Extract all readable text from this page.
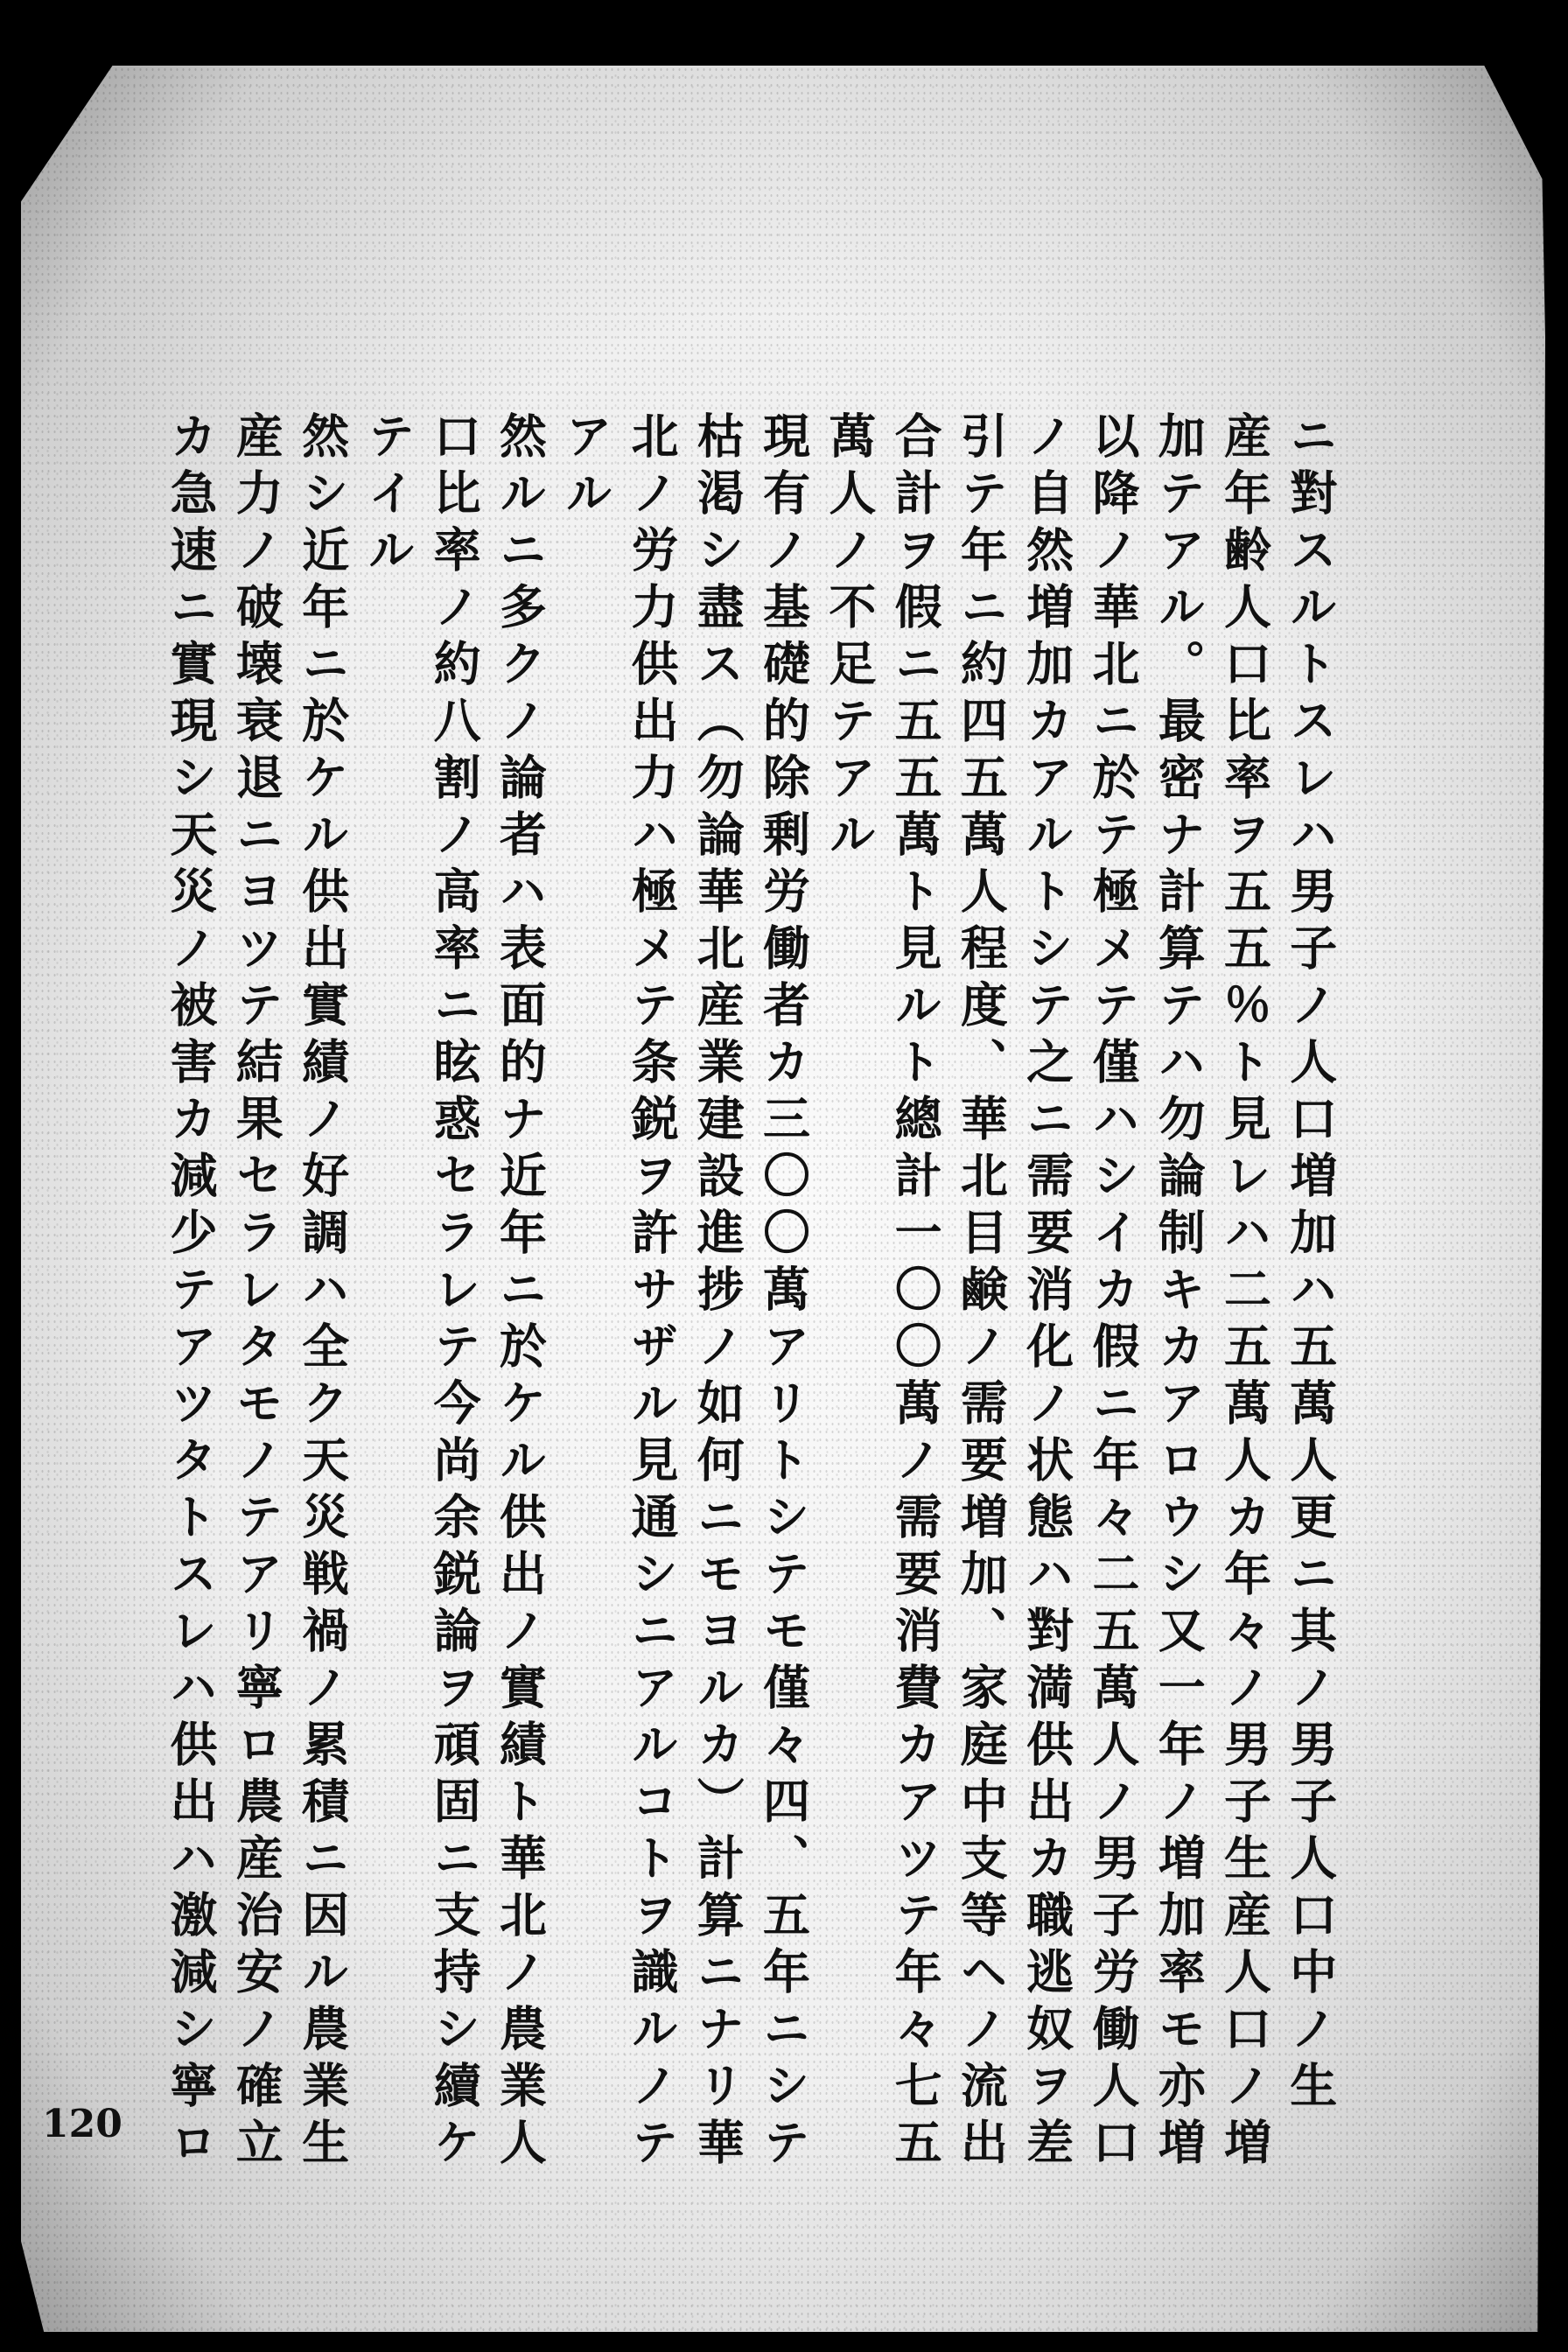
ニ對スルトスレハ男子ノ人口増加ハ五萬人更ニ其ノ男子人口中ノ生
産年齢人口比率ヲ五五％ト見レハ二五萬人カ年々ノ男子生産人口ノ増
加テアル。最密ナ計算テハ勿論制キカアロウシ又一年ノ増加率モ亦増
以降ノ華北ニ於テ極メテ僅ハシイカ假ニ年々二五萬人ノ男子労働人口
ノ自然増加カアルトシテ之ニ需要消化ノ状態ハ對満供出カ職逃奴ヲ差
引テ年ニ約四五萬人程度、華北目鹸ノ需要増加、家庭中支等ヘノ流出
合計ヲ假ニ五五萬ト見ルト總計一〇〇萬ノ需要消費カアツテ年々七五
萬人ノ不足テアル
現有ノ基礎的除剰労働者カ三〇〇萬アリトシテモ僅々四、五年ニシテ
枯渇シ盡ス（勿論華北産業建設進捗ノ如何ニモヨルカ）計算ニナリ華
北ノ労力供出力ハ極メテ条鋭ヲ許サザル見通シニアルコトヲ識ルノテ
アル
然ルニ多クノ論者ハ表面的ナ近年ニ於ケル供出ノ實績ト華北ノ農業人
口比率ノ約八割ノ高率ニ眩惑セラレテ今尚余鋭論ヲ頑固ニ支持シ續ケ
テイル
然シ近年ニ於ケル供出實績ノ好調ハ全ク天災戦禍ノ累積ニ因ル農業生
産力ノ破壊衰退ニヨツテ結果セラレタモノテアリ寧ロ農産治安ノ確立
カ急速ニ實現シ天災ノ被害カ減少テアツタトスレハ供出ハ激減シ寧ロ
120
